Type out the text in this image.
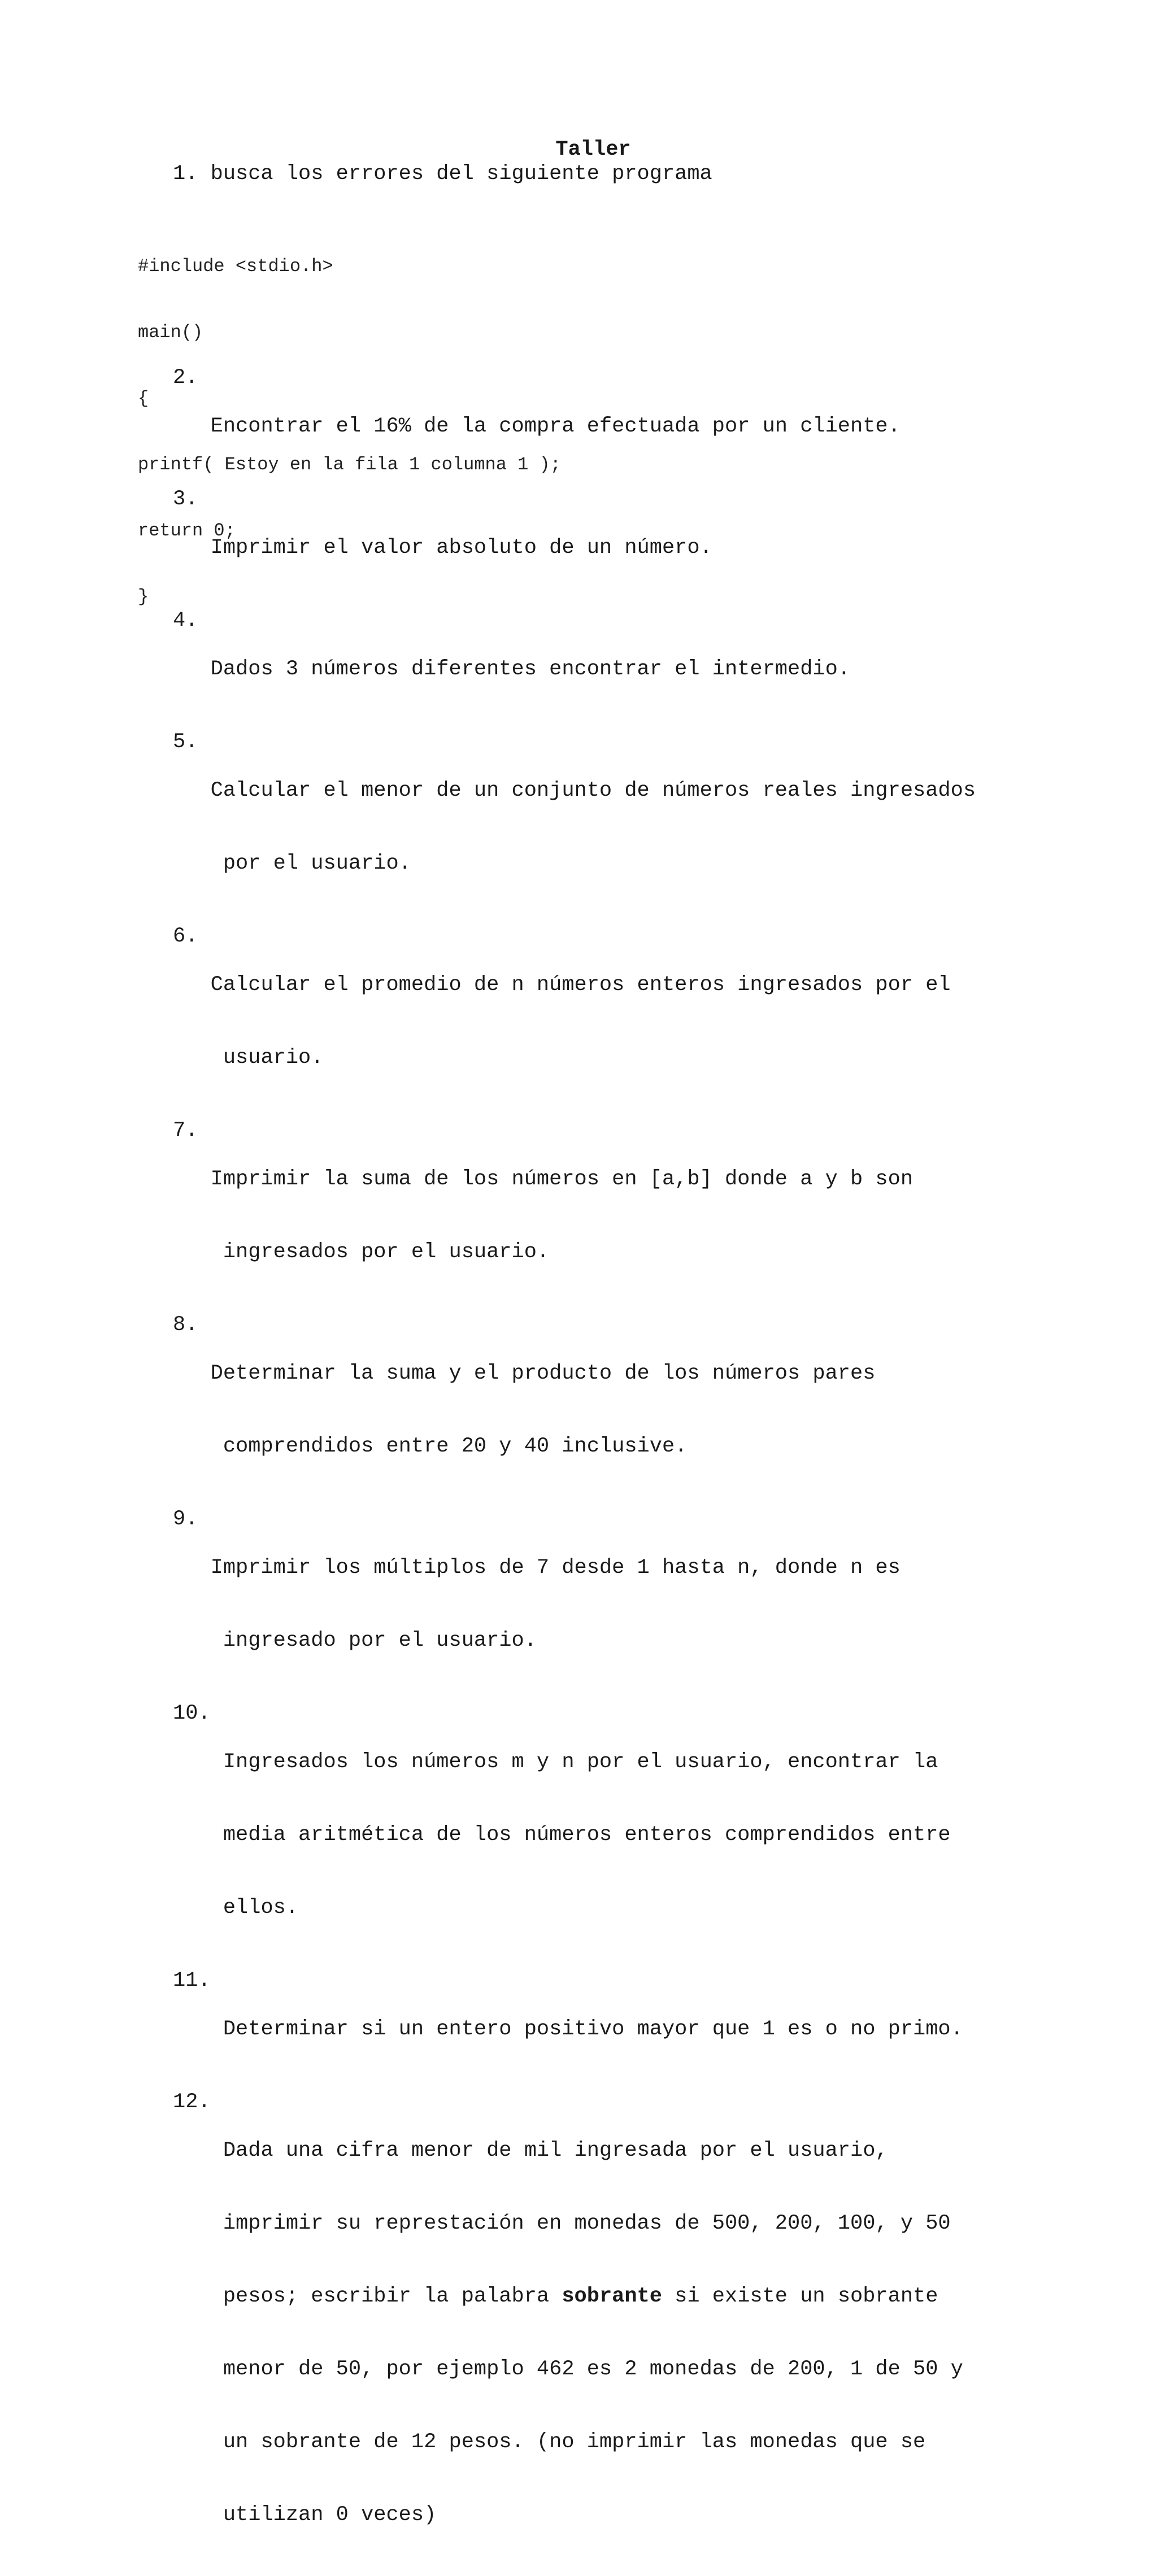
Taller
1. busca los errores del siguiente programa

#include <stdio.h>

main()

{

printf( Estoy en la fila 1 columna 1 );

return 0;

}

2.

Encontrar el 16% de la compra efectuada por un cliente.

3.

Imprimir el valor absoluto de un número.

4.

Dados 3 números diferentes encontrar el intermedio.

5.

Calcular el menor de un conjunto de números reales ingresados

por el usuario.

6.

Calcular el promedio de n números enteros ingresados por el

usuario.

7.

Imprimir la suma de los números en [a,b] donde a y b son

ingresados por el usuario.

8.

Determinar la suma y el producto de los números pares

comprendidos entre 20 y 40 inclusive.

9.

Imprimir los múltiplos de 7 desde 1 hasta n, donde n es

ingresado por el usuario.

10.

Ingresados los números m y n por el usuario, encontrar la

media aritmética de los números enteros comprendidos entre

ellos.

11.

Determinar si un entero positivo mayor que 1 es o no primo.

12.

Dada una cifra menor de mil ingresada por el usuario,

imprimir su represtación en monedas de 500, 200, 100, y 50

pesos; escribir la palabra sobrante si existe un sobrante

menor de 50, por ejemplo 462 es 2 monedas de 200, 1 de 50 y

un sobrante de 12 pesos. (no imprimir las monedas que se

utilizan 0 veces)
